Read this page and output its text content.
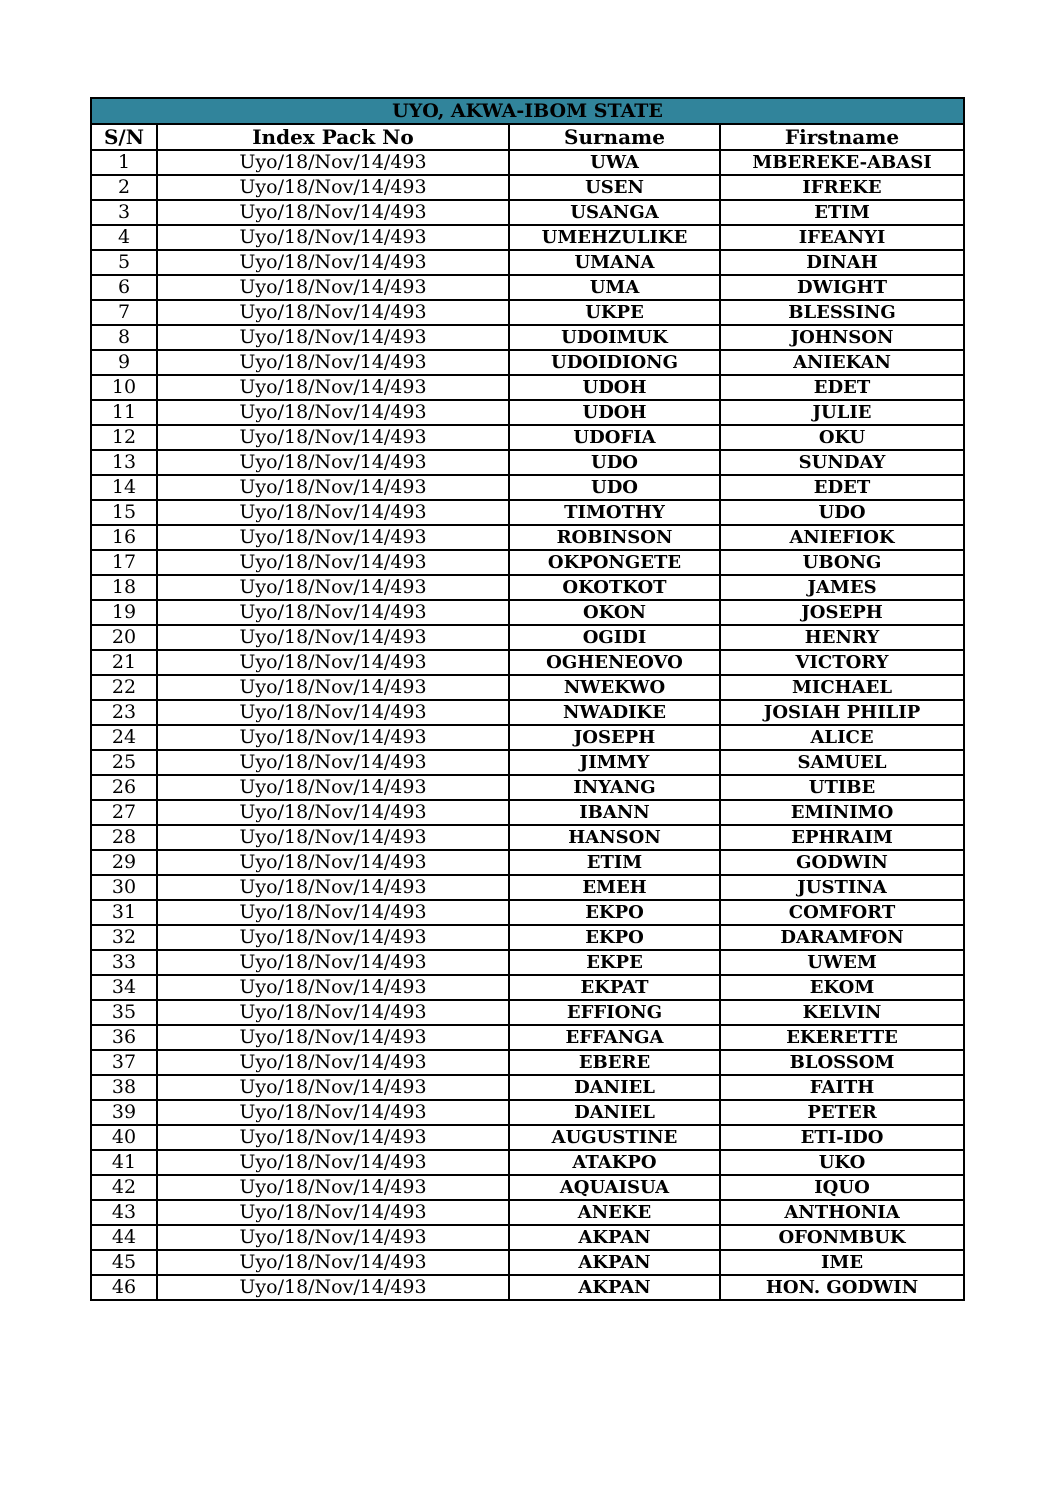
UYO, AKWA-IBOM STATE			
S/N	Index Pack No	Surname	Firstname
1	Uyo/18/Nov/14/493	UWA	MBEREKE-ABASI
2	Uyo/18/Nov/14/493	USEN	IFREKE
3	Uyo/18/Nov/14/493	USANGA	ETIM
4	Uyo/18/Nov/14/493	UMEHZULIKE	IFEANYI
5	Uyo/18/Nov/14/493	UMANA	DINAH
6	Uyo/18/Nov/14/493	UMA	DWIGHT
7	Uyo/18/Nov/14/493	UKPE	BLESSING
8	Uyo/18/Nov/14/493	UDOIMUK	JOHNSON
9	Uyo/18/Nov/14/493	UDOIDIONG	ANIEKAN
10	Uyo/18/Nov/14/493	UDOH	EDET
11	Uyo/18/Nov/14/493	UDOH	JULIE
12	Uyo/18/Nov/14/493	UDOFIA	OKU
13	Uyo/18/Nov/14/493	UDO	SUNDAY
14	Uyo/18/Nov/14/493	UDO	EDET
15	Uyo/18/Nov/14/493	TIMOTHY	UDO
16	Uyo/18/Nov/14/493	ROBINSON	ANIEFIOK
17	Uyo/18/Nov/14/493	OKPONGETE	UBONG
18	Uyo/18/Nov/14/493	OKOTKOT	JAMES
19	Uyo/18/Nov/14/493	OKON	JOSEPH
20	Uyo/18/Nov/14/493	OGIDI	HENRY
21	Uyo/18/Nov/14/493	OGHENEOVO	VICTORY
22	Uyo/18/Nov/14/493	NWEKWO	MICHAEL
23	Uyo/18/Nov/14/493	NWADIKE	JOSIAH PHILIP
24	Uyo/18/Nov/14/493	JOSEPH	ALICE
25	Uyo/18/Nov/14/493	JIMMY	SAMUEL
26	Uyo/18/Nov/14/493	INYANG	UTIBE
27	Uyo/18/Nov/14/493	IBANN	EMINIMO
28	Uyo/18/Nov/14/493	HANSON	EPHRAIM
29	Uyo/18/Nov/14/493	ETIM	GODWIN
30	Uyo/18/Nov/14/493	EMEH	JUSTINA
31	Uyo/18/Nov/14/493	EKPO	COMFORT
32	Uyo/18/Nov/14/493	EKPO	DARAMFON
33	Uyo/18/Nov/14/493	EKPE	UWEM
34	Uyo/18/Nov/14/493	EKPAT	EKOM
35	Uyo/18/Nov/14/493	EFFIONG	KELVIN
36	Uyo/18/Nov/14/493	EFFANGA	EKERETTE
37	Uyo/18/Nov/14/493	EBERE	BLOSSOM
38	Uyo/18/Nov/14/493	DANIEL	FAITH
39	Uyo/18/Nov/14/493	DANIEL	PETER
40	Uyo/18/Nov/14/493	AUGUSTINE	ETI-IDO
41	Uyo/18/Nov/14/493	ATAKPO	UKO
42	Uyo/18/Nov/14/493	AQUAISUA	IQUO
43	Uyo/18/Nov/14/493	ANEKE	ANTHONIA
44	Uyo/18/Nov/14/493	AKPAN	OFONMBUK
45	Uyo/18/Nov/14/493	AKPAN	IME
46	Uyo/18/Nov/14/493	AKPAN	HON. GODWIN
